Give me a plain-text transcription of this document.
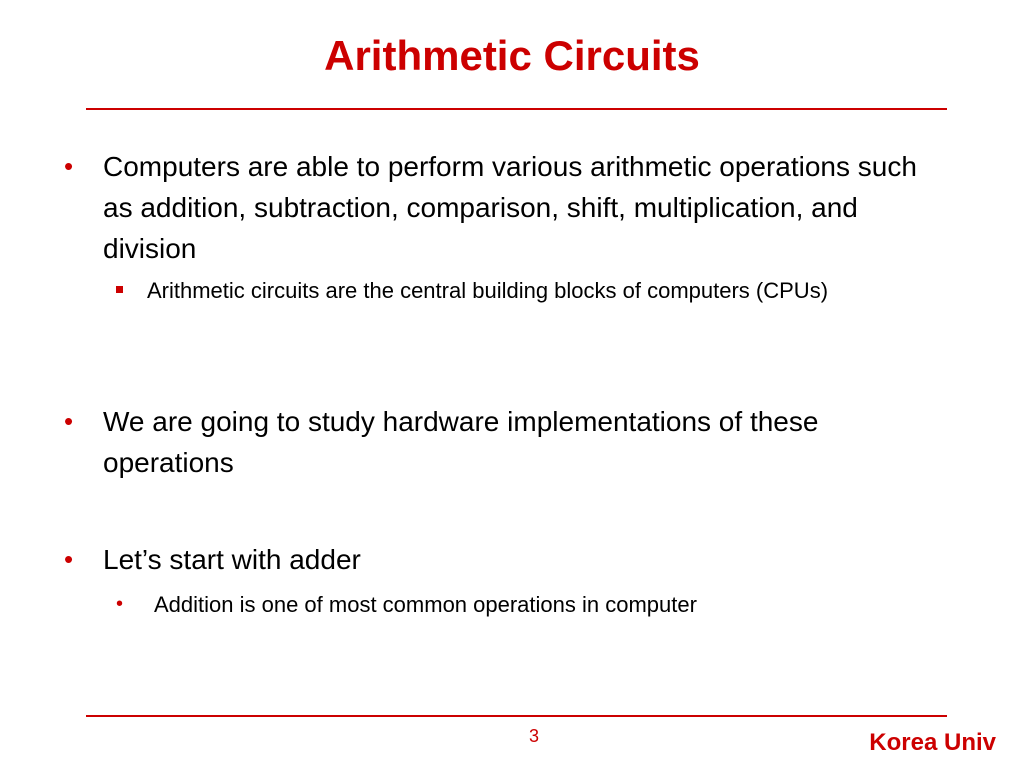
Arithmetic Circuits
•	Computers are able to perform various arithmetic operations such as addition, subtraction, comparison, shift, multiplication, and division
Arithmetic circuits are the central building blocks of computers (CPUs)
•	We are going to study hardware implementations of these operations
•	Let’s start with adder
• Addition is one of most common operations in computer
3	Korea Univ
